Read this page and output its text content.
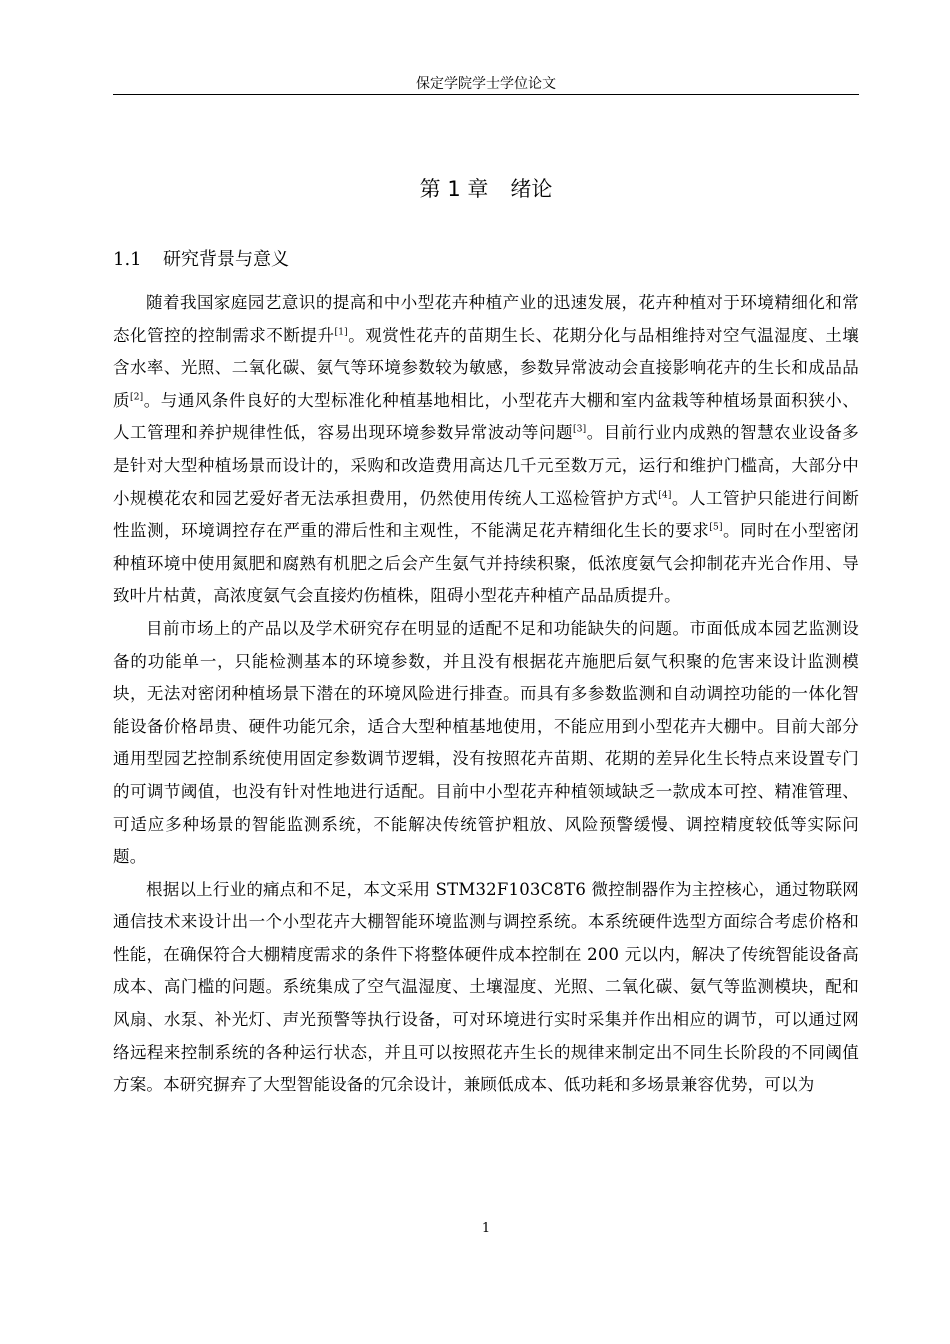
保定学院学士学位论文
第 1 章 绪论
1.1 研究背景与意义

随着我国家庭园艺意识的提高和中小型花卉种植产业的迅速发展，花卉种植对于环境精细化和常态化管控的控制需求不断提升[1]。观赏性花卉的苗期生长、花期分化与品相维持对空气温湿度、土壤含水率、光照、二氧化碳、氨气等环境参数较为敏感，参数异常波动会直接影响花卉的生长和成品品质[2]。与通风条件良好的大型标准化种植基地相比，小型花卉大棚和室内盆栽等种植场景面积狭小、人工管理和养护规律性低，容易出现环境参数异常波动等问题[3]。目前行业内成熟的智慧农业设备多是针对大型种植场景而设计的，采购和改造费用高达几千元至数万元，运行和维护门槛高，大部分中小规模花农和园艺爱好者无法承担费用，仍然使用传统人工巡检管护方式[4]。人工管护只能进行间断性监测，环境调控存在严重的滞后性和主观性，不能满足花卉精细化生长的要求[5]。同时在小型密闭种植环境中使用氮肥和腐熟有机肥之后会产生氨气并持续积聚，低浓度氨气会抑制花卉光合作用、导致叶片枯黄，高浓度氨气会直接灼伤植株，阻碍小型花卉种植产品品质提升。

目前市场上的产品以及学术研究存在明显的适配不足和功能缺失的问题。市面低成本园艺监测设备的功能单一，只能检测基本的环境参数，并且没有根据花卉施肥后氨气积聚的危害来设计监测模块，无法对密闭种植场景下潜在的环境风险进行排查。而具有多参数监测和自动调控功能的一体化智能设备价格昂贵、硬件功能冗余，适合大型种植基地使用，不能应用到小型花卉大棚中。目前大部分通用型园艺控制系统使用固定参数调节逻辑，没有按照花卉苗期、花期的差异化生长特点来设置专门的可调节阈值，也没有针对性地进行适配。目前中小型花卉种植领域缺乏一款成本可控、精准管理、可适应多种场景的智能监测系统，不能解决传统管护粗放、风险预警缓慢、调控精度较低等实际问题。

根据以上行业的痛点和不足，本文采用 STM32F103C8T6 微控制器作为主控核心，通过物联网通信技术来设计出一个小型花卉大棚智能环境监测与调控系统。本系统硬件选型方面综合考虑价格和性能，在确保符合大棚精度需求的条件下将整体硬件成本控制在 200 元以内，解决了传统智能设备高成本、高门槛的问题。系统集成了空气温湿度、土壤湿度、光照、二氧化碳、氨气等监测模块，配和风扇、水泵、补光灯、声光预警等执行设备，可对环境进行实时采集并作出相应的调节，可以通过网络远程来控制系统的各种运行状态，并且可以按照花卉生长的规律来制定出不同生长阶段的不同阈值方案。本研究摒弃了大型智能设备的冗余设计，兼顾低成本、低功耗和多场景兼容优势，可以为

1
